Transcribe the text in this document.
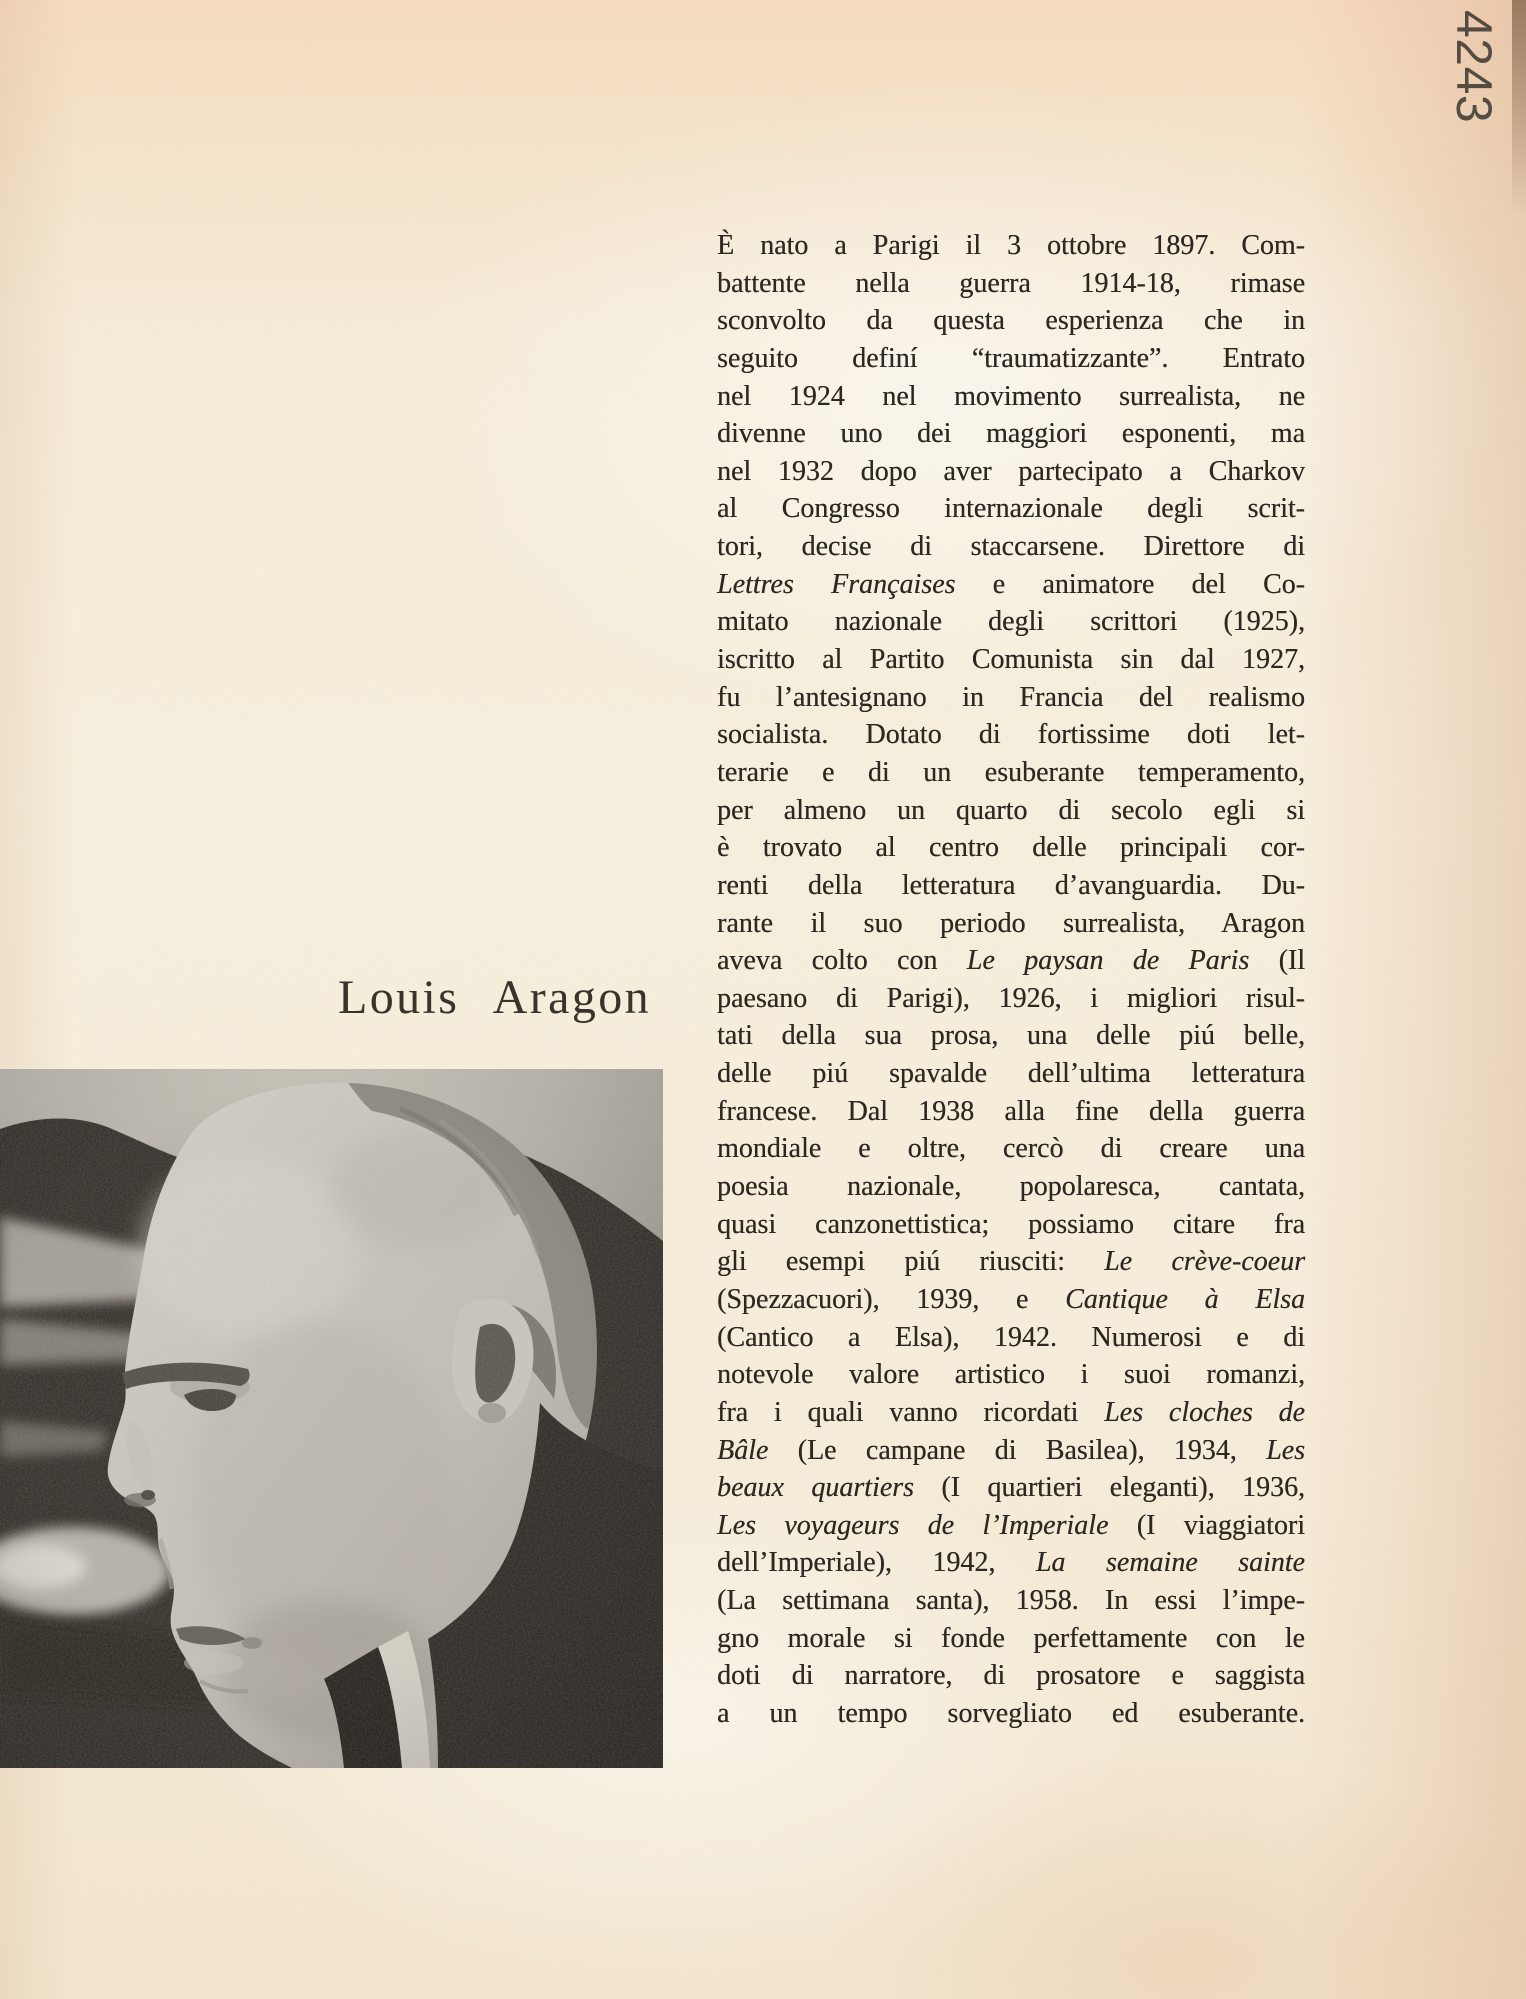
4243
Louis Aragon
È nato a Parigi il 3 ottobre 1897. Com-
battente nella guerra 1914-18, rimase
sconvolto da questa esperienza che in
seguito definí “traumatizzante”. Entrato
nel 1924 nel movimento surrealista, ne
divenne uno dei maggiori esponenti, ma
nel 1932 dopo aver partecipato a Charkov
al Congresso internazionale degli scrit-
tori, decise di staccarsene. Direttore di
Lettres Françaises e animatore del Co-
mitato nazionale degli scrittori (1925),
iscritto al Partito Comunista sin dal 1927,
fu l’antesignano in Francia del realismo
socialista. Dotato di fortissime doti let-
terarie e di un esuberante temperamento,
per almeno un quarto di secolo egli si
è trovato al centro delle principali cor-
renti della letteratura d’avanguardia. Du-
rante il suo periodo surrealista, Aragon
aveva colto con Le paysan de Paris (Il
paesano di Parigi), 1926, i migliori risul-
tati della sua prosa, una delle piú belle,
delle piú spavalde dell’ultima letteratura
francese. Dal 1938 alla fine della guerra
mondiale e oltre, cercò di creare una
poesia nazionale, popolaresca, cantata,
quasi canzonettistica; possiamo citare fra
gli esempi piú riusciti: Le crève-coeur
(Spezzacuori), 1939, e Cantique à Elsa
(Cantico a Elsa), 1942. Numerosi e di
notevole valore artistico i suoi romanzi,
fra i quali vanno ricordati Les cloches de
Bâle (Le campane di Basilea), 1934, Les
beaux quartiers (I quartieri eleganti), 1936,
Les voyageurs de l’Imperiale (I viaggiatori
dell’Imperiale), 1942, La semaine sainte
(La settimana santa), 1958. In essi l’impe-
gno morale si fonde perfettamente con le
doti di narratore, di prosatore e saggista
a un tempo sorvegliato ed esuberante.
